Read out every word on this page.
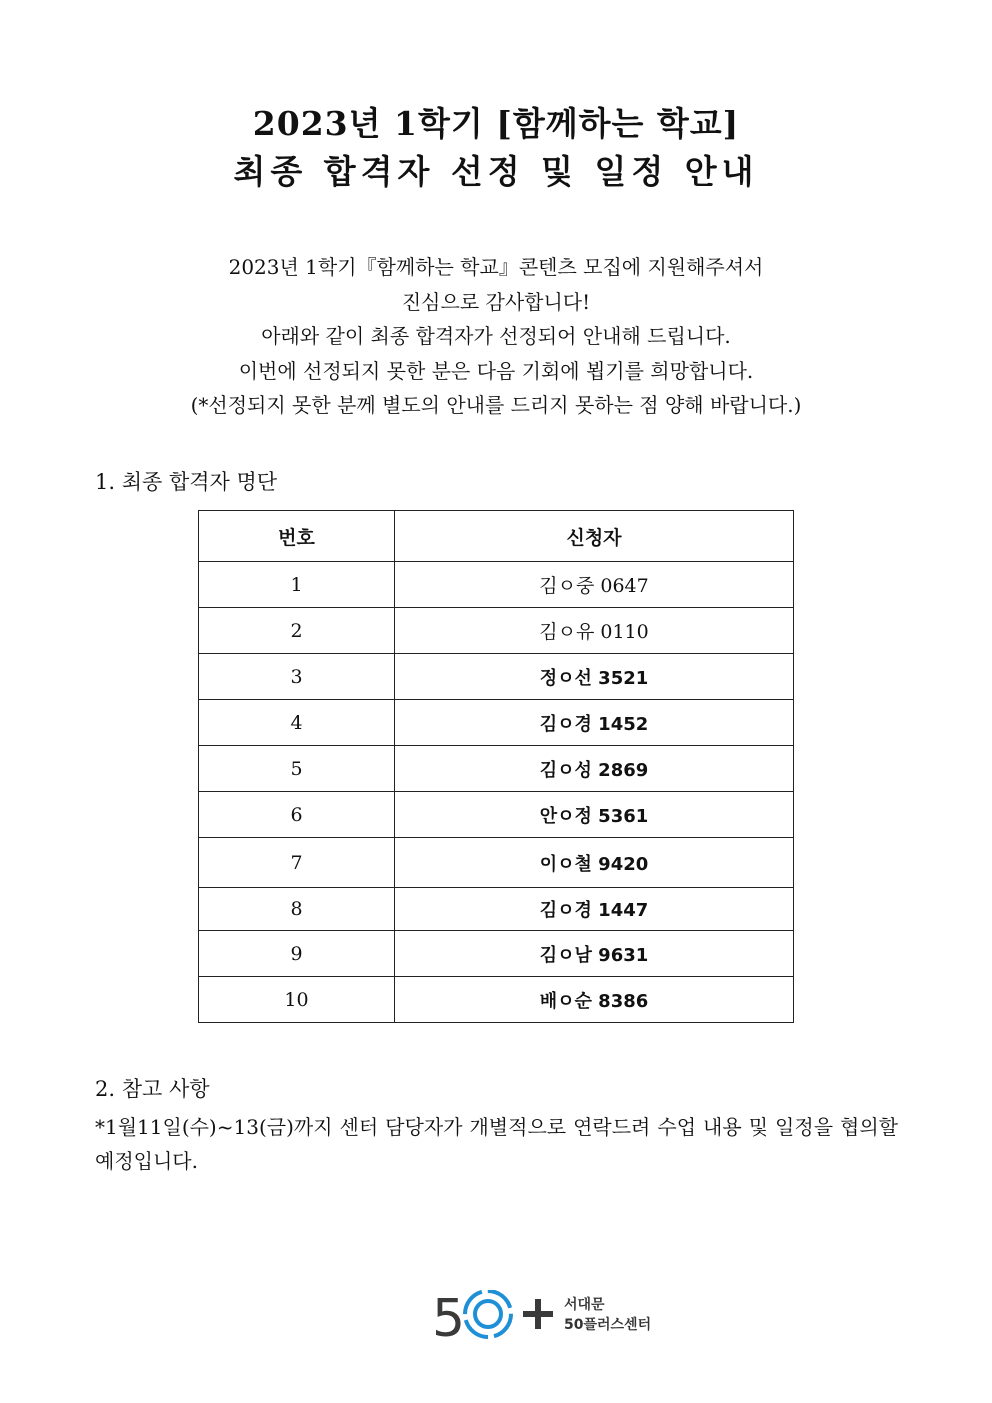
2023년 1학기 [함께하는 학교]
최종 합격자 선정 및 일정 안내
2023년 1학기『함께하는 학교』콘텐츠 모집에 지원해주셔서
진심으로 감사합니다!
아래와 같이 최종 합격자가 선정되어 안내해 드립니다.
이번에 선정되지 못한 분은 다음 기회에 뵙기를 희망합니다.
(*선정되지 못한 분께 별도의 안내를 드리지 못하는 점 양해 바랍니다.)
1. 최종 합격자 명단
번호	신청자
1	김ㅇ중 0647
2	김ㅇ유 0110
3	정ㅇ선 3521
4	김ㅇ경 1452
5	김ㅇ성 2869
6	안ㅇ정 5361
7	이ㅇ철 9420
8	김ㅇ경 1447
9	김ㅇ남 9631
10	배ㅇ순 8386
2. 참고 사항
*1월11일(수)~13(금)까지 센터 담당자가 개별적으로 연락드려 수업 내용 및 일정을 협의할 예정입니다.
5	서대문
50플러스센터
